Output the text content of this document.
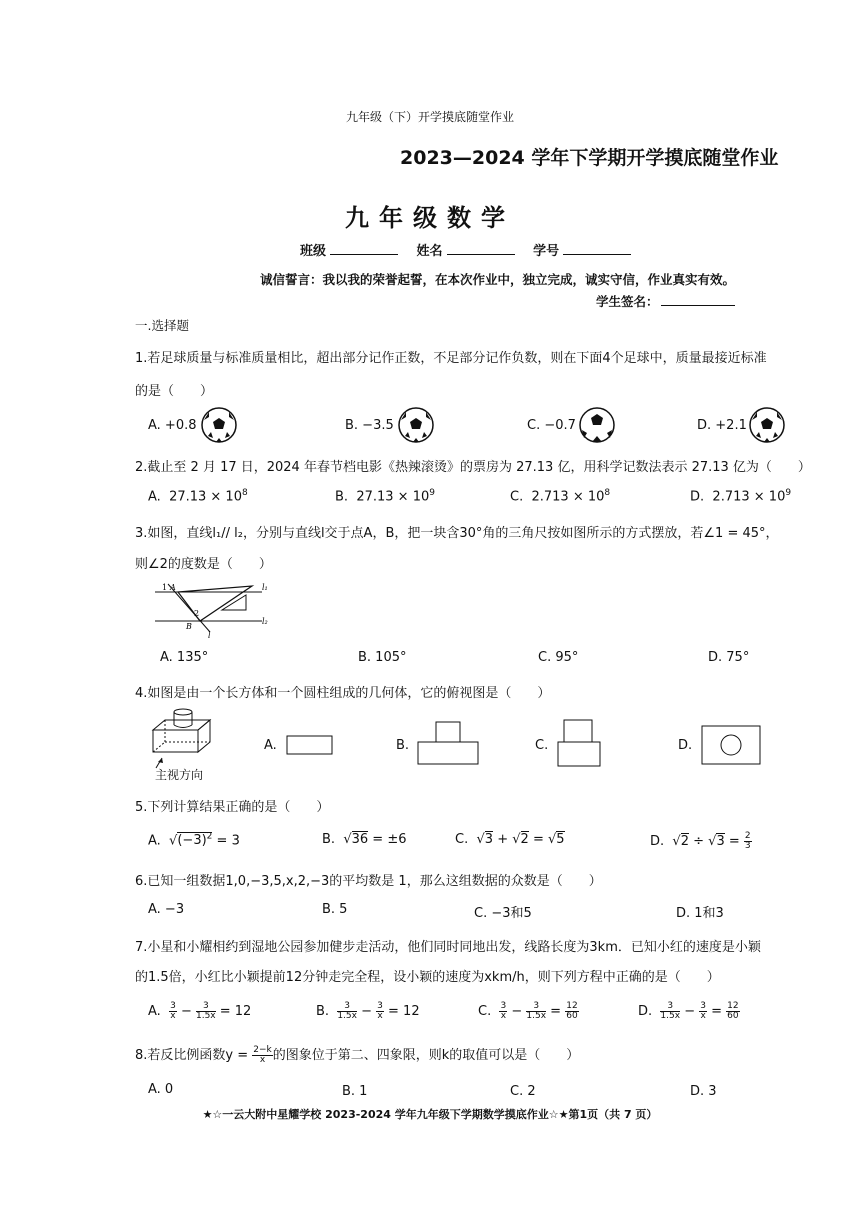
九年级（下）开学摸底随堂作业
2023—2024 学年下学期开学摸底随堂作业
九年级数学
班级	姓名	学号
诚信誓言：我以我的荣誉起誓，在本次作业中，独立完成，诚实守信，作业真实有效。
学生签名：
一.选择题
1.若足球质量与标准质量相比，超出部分记作正数，不足部分记作负数，则在下面4个足球中，质量最接近标准
的是（　　）
A. +0.8	B. −3.5	C. −0.7	D. +2.1
2.截止至 2 月 17 日，2024 年春节档电影《热辣滚烫》的票房为 27.13 亿，用科学记数法表示 27.13 亿为（　　）
A. $27.13 \times 10^8$	B. $27.13 \times 10^9$	C. $2.713 \times 10^8$	D. $2.713 \times 10^9$
3.如图，直线l₁// l₂，分别与直线l交于点A，B，把一块含30°角的三角尺按如图所示的方式摆放，若∠1 = 45°，
则∠2的度数是（　　）
l₁
l₂
l
A
B
1
2
A. 135°	B. 105°	C. 95°	D. 75°
4.如图是由一个长方体和一个圆柱组成的几何体，它的俯视图是（　　）
主视方向
A.	B.	C.	D.
5.下列计算结果正确的是（　　）
A.  $√(-3)^2 = 3$	B.  √36 = ±6	C.  √3 + √2 = √5	D.  $√2 \div √3 = \frac{2}{3}$
6.已知一组数据1,0,−3,5,x,2,−3的平均数是 1，那么这组数据的众数是（　　）
A. −3	B. 5	C. −3和5	D. 1和3
7.小星和小耀相约到湿地公园参加健步走活动，他们同时同地出发，线路长度为3km．已知小红的速度是小颖
的1.5倍，小红比小颖提前12分钟走完全程，设小颖的速度为xkm/h，则下列方程中正确的是（　　）
A. $\frac{3}{x} - \frac{3}{1.5x} = 12$	B. $\frac{3}{1.5x} - \frac{3}{x} = 12$	C. $\frac{3}{x} - \frac{3}{1.5x} = \frac{12}{60}$	D. $\frac{3}{1.5x} - \frac{3}{x} = \frac{12}{60}$
8.若反比例函数$y = \frac{2-k}{x}$ 的图象位于第二、四象限，则k的取值可以是（　　）
A. 0	B. 1	C. 2	D. 3
★☆一云大附中星耀学校 2023-2024 学年九年级下学期数学摸底作业☆★第1页（共 7 页）
